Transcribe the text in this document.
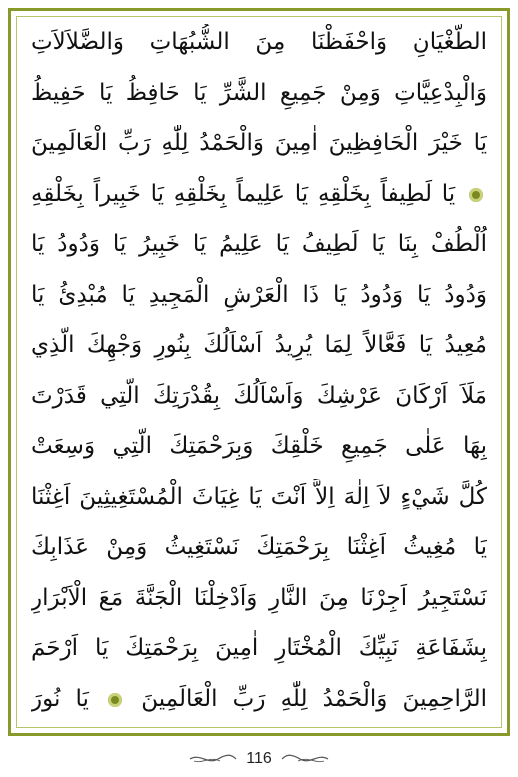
الطُّغْيَانِ وَاحْفَظْنَا مِنَ الشُّبُهَاتِ وَالضَّلاَلاَتِ
وَالْبِدْعِيَّاتِ وَمِنْ جَمِيعِ الشَّرِّ يَا حَافِظُ يَا حَفِيظُ
يَا خَيْرَ الْحَافِظِينَ اٰمِينَ وَالْحَمْدُ لِلّٰهِ رَبِّ الْعَالَمِينَ
يَا لَطِيفاً بِخَلْقِهِ يَا عَلِيماً بِخَلْقِهِ يَا خَبِيراً بِخَلْقِهِ
اُلْطُفْ بِنَا يَا لَطِيفُ يَا عَلِيمُ يَا خَبِيرُ يَا وَدُودُ يَا
وَدُودُ يَا وَدُودُ يَا ذَا الْعَرْشِ الْمَجِيدِ يَا مُبْدِئُ يَا
مُعِيدُ يَا فَعَّالاً لِمَا يُرِيدُ اَسْاَلُكَ بِنُورِ وَجْهِكَ الَّذِي
مَلَاَ اَرْكَانَ عَرْشِكَ وَاَسْاَلُكَ بِقُدْرَتِكَ الَّتِي قَدَرْتَ
بِهَا عَلٰى جَمِيعِ خَلْقِكَ وَبِرَحْمَتِكَ الَّتِي وَسِعَتْ
كُلَّ شَيْءٍ لاَ اِلٰهَ اِلاَّ اَنْتَ يَا غِيَاثَ الْمُسْتَغِيثِينَ اَغِثْنَا
يَا مُغِيثُ اَغِثْنَا بِرَحْمَتِكَ نَسْتَغِيثُ وَمِنْ عَذَابِكَ
نَسْتَجِيرُ اَجِرْنَا مِنَ النَّارِ وَاَدْخِلْنَا الْجَنَّةَ مَعَ الْاَبْرَارِ
بِشَفَاعَةِ نَبِيِّكَ الْمُخْتَارِ اٰمِينَ بِرَحْمَتِكَ يَا اَرْحَمَ
الرَّاحِمِينَ وَالْحَمْدُ لِلّٰهِ رَبِّ الْعَالَمِينَ  يَا نُورَ
116
